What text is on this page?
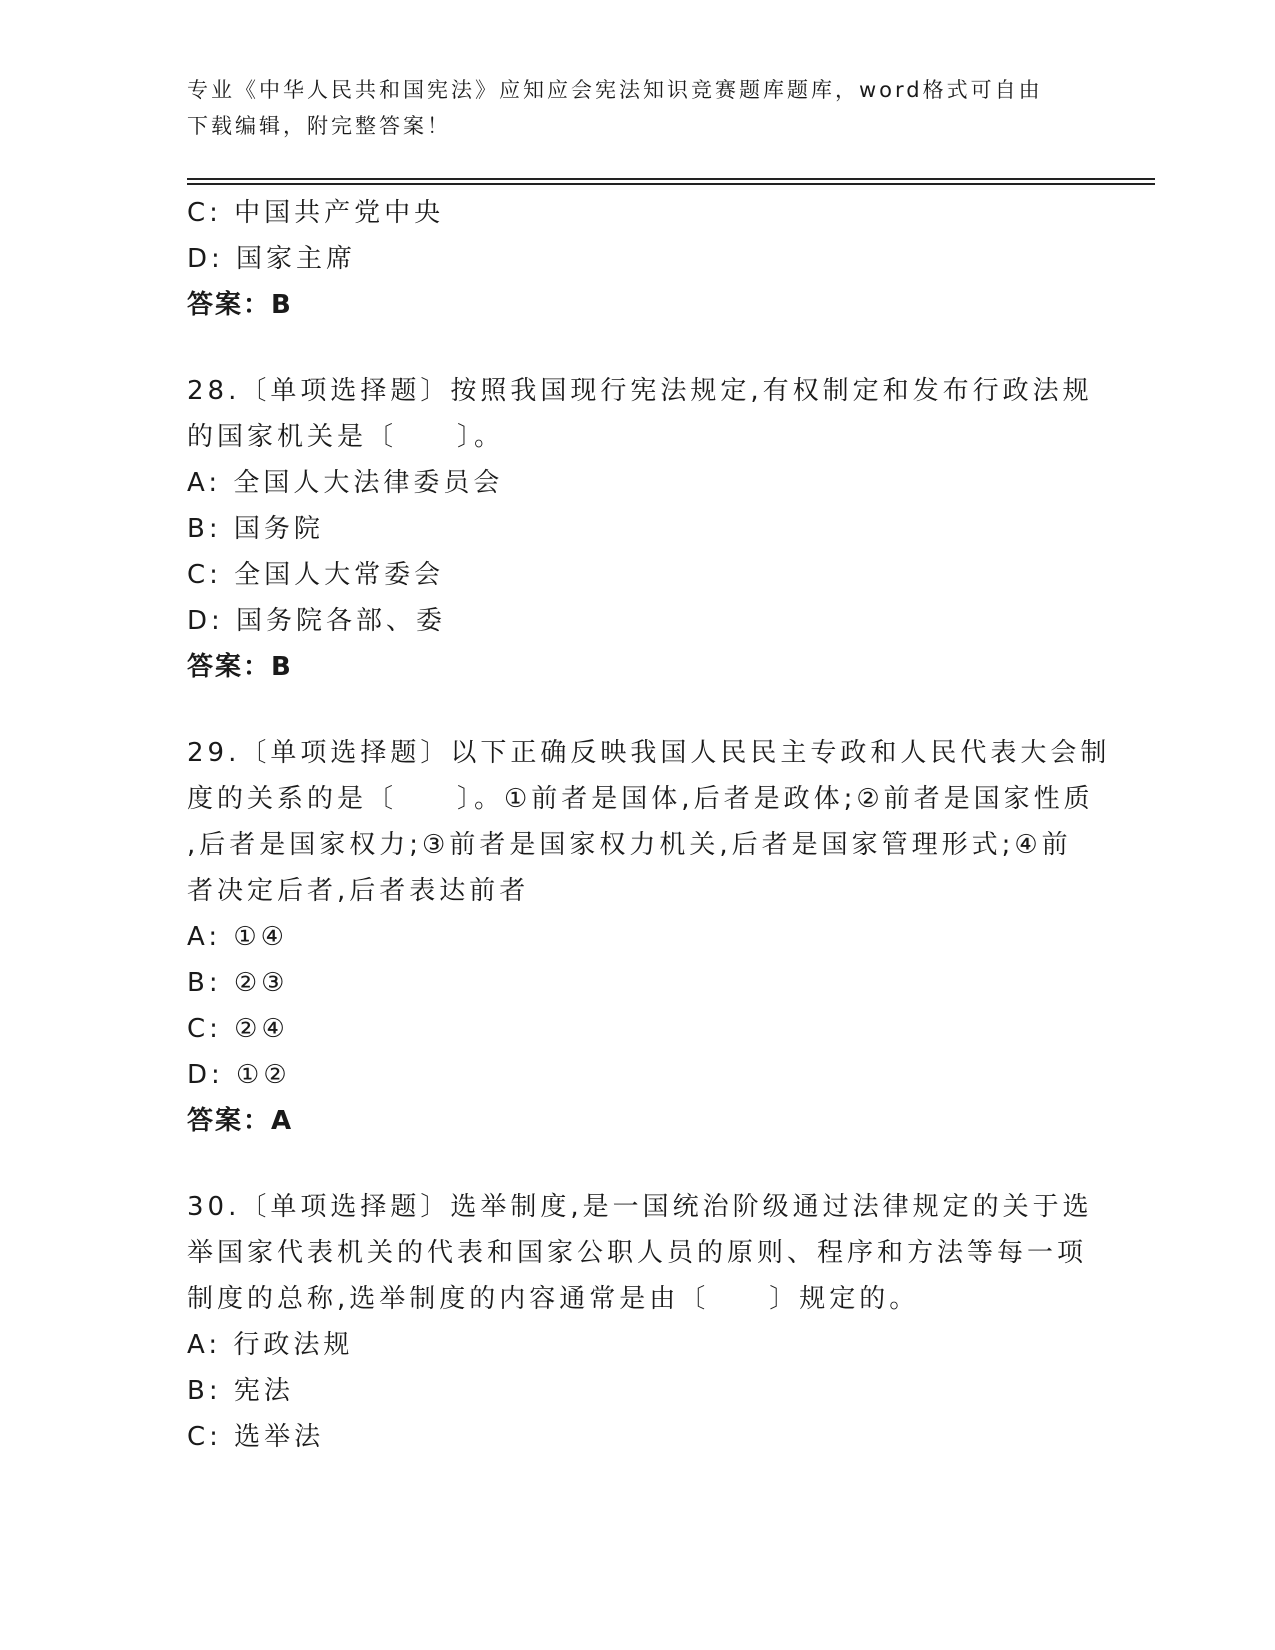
专业《中华人民共和国宪法》应知应会宪法知识竞赛题库题库，word格式可自由
下载编辑，附完整答案！
C: 中国共产党中央
D: 国家主席
答案：B
28.〔单项选择题〕按照我国现行宪法规定,有权制定和发布行政法规
的国家机关是〔　　〕。
A: 全国人大法律委员会
B: 国务院
C: 全国人大常委会
D: 国务院各部、委
答案：B
29.〔单项选择题〕以下正确反映我国人民民主专政和人民代表大会制
度的关系的是〔　　〕。①前者是国体,后者是政体;②前者是国家性质
,后者是国家权力;③前者是国家权力机关,后者是国家管理形式;④前
者决定后者,后者表达前者
A: ①④
B: ②③
C: ②④
D: ①②
答案：A
30.〔单项选择题〕选举制度,是一国统治阶级通过法律规定的关于选
举国家代表机关的代表和国家公职人员的原则、程序和方法等每一项
制度的总称,选举制度的内容通常是由〔　　〕规定的。
A: 行政法规
B: 宪法
C: 选举法
